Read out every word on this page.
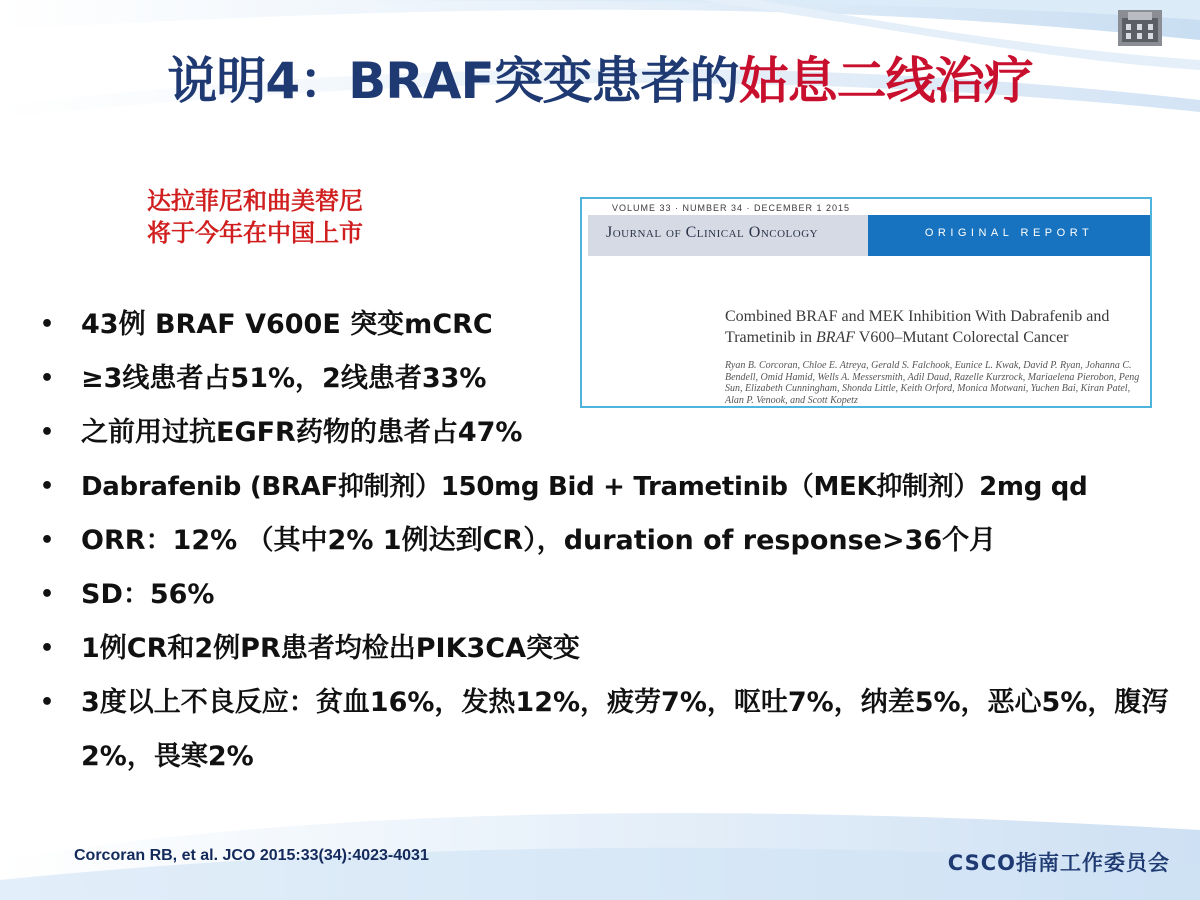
说明4：BRAF突变患者的姑息二线治疗
达拉菲尼和曲美替尼
将于今年在中国上市
VOLUME 33 · NUMBER 34 · DECEMBER 1 2015
Journal of Clinical Oncology	ORIGINAL REPORT
Combined BRAF and MEK Inhibition With Dabrafenib and
Trametinib in BRAF V600–Mutant Colorectal Cancer
Ryan B. Corcoran, Chloe E. Atreya, Gerald S. Falchook, Eunice L. Kwak, David P. Ryan, Johanna C. Bendell, Omid Hamid, Wells A. Messersmith, Adil Daud, Razelle Kurzrock, Mariaelena Pierobon, Peng Sun, Elizabeth Cunningham, Shonda Little, Keith Orford, Monica Motwani, Yuchen Bai, Kiran Patel, Alan P. Venook, and Scott Kopetz
• 43例 BRAF V600E 突变mCRC
• ≥3线患者占51%，2线患者33%
• 之前用过抗EGFR药物的患者占47%
• Dabrafenib (BRAF抑制剂）150mg Bid + Trametinib（MEK抑制剂）2mg qd
• ORR：12% （其中2% 1例达到CR），duration of response>36个月
• SD：56%
• 1例CR和2例PR患者均检出PIK3CA突变
• 3度以上不良反应：贫血16%，发热12%，疲劳7%，呕吐7%，纳差5%，恶心5%，腹泻2%，畏寒2%
Corcoran RB, et al. JCO 2015:33(34):4023-4031	CSCO指南工作委员会
